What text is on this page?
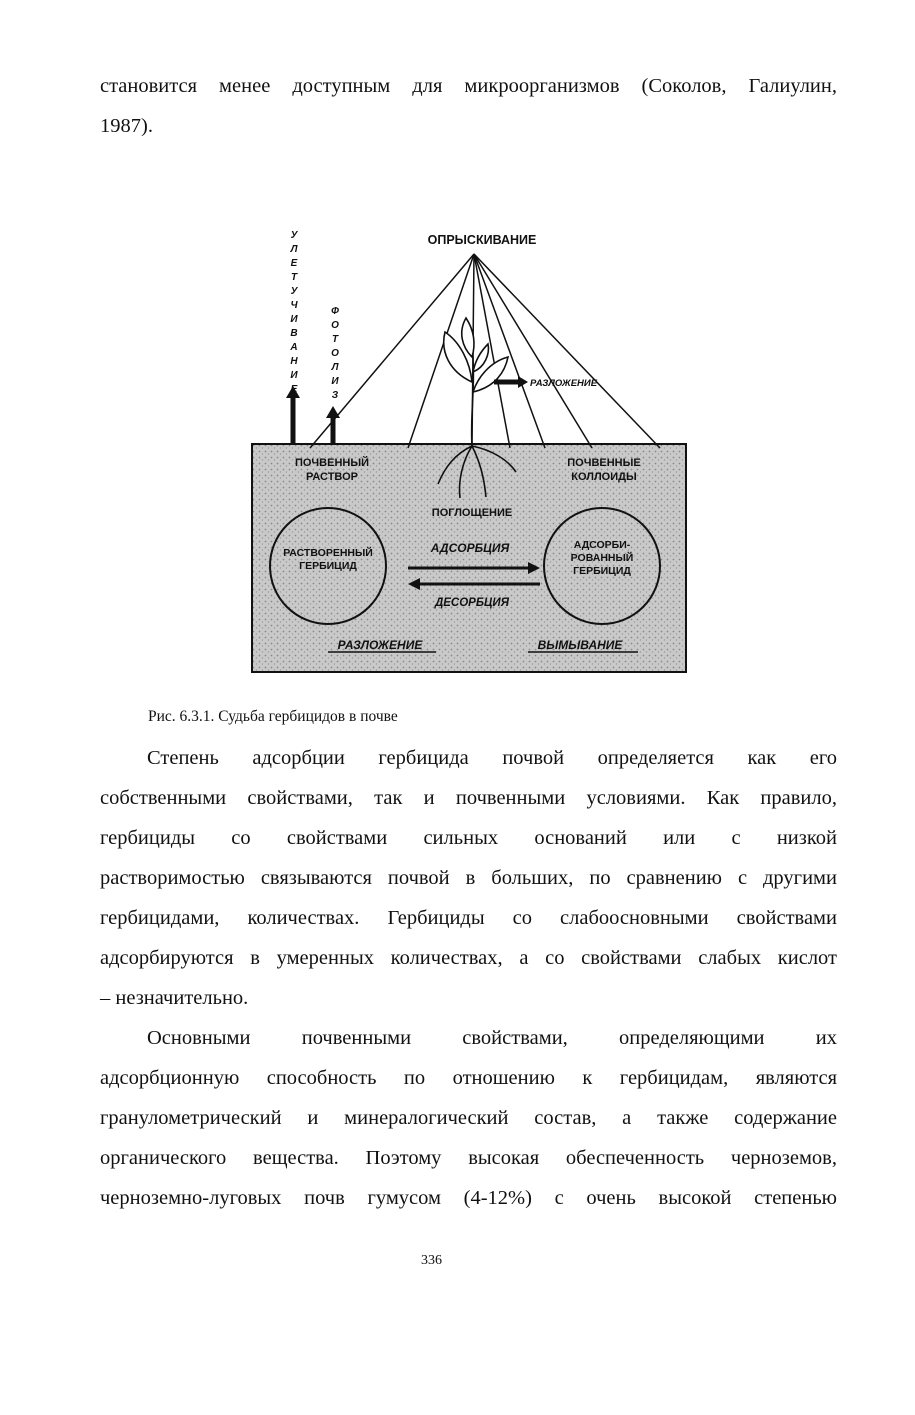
становится менее доступным для микроорганизмов (Соколов, Галиулин,
1987).
У
Л
Е
Т
У
Ч
И
В
А
Н
И
Е
Ф
О
Т
О
Л
И
З
ОПРЫСКИВАНИЕ
РАЗЛОЖЕНИЕ
ПОЧВЕННЫЙ РАСТВОР
ПОЧВЕННЫЕ КОЛЛОИДЫ
ПОГЛОЩЕНИЕ
РАСТВОРЕННЫЙ ГЕРБИЦИД
АДСОРБИ-РОВАННЫЙ ГЕРБИЦИД
АДСОРБЦИЯ
ДЕСОРБЦИЯ
РАЗЛОЖЕНИЕ	ВЫМЫВАНИЕ
Рис. 6.3.1. Судьба гербицидов в почве
Степень адсорбции гербицида почвой определяется как его
собственными свойствами, так и почвенными условиями. Как правило,
гербициды со свойствами сильных оснований или с низкой
растворимостью связываются почвой в больших, по сравнению с другими
гербицидами, количествах. Гербициды со слабоосновными свойствами
адсорбируются в умеренных количествах, а со свойствами слабых кислот
– незначительно.
Основными почвенными свойствами, определяющими их
адсорбционную способность по отношению к гербицидам, являются
гранулометрический и минералогический состав, а также содержание
органического вещества. Поэтому высокая обеспеченность черноземов,
черноземно-луговых почв гумусом (4-12%) с очень высокой степенью
336
